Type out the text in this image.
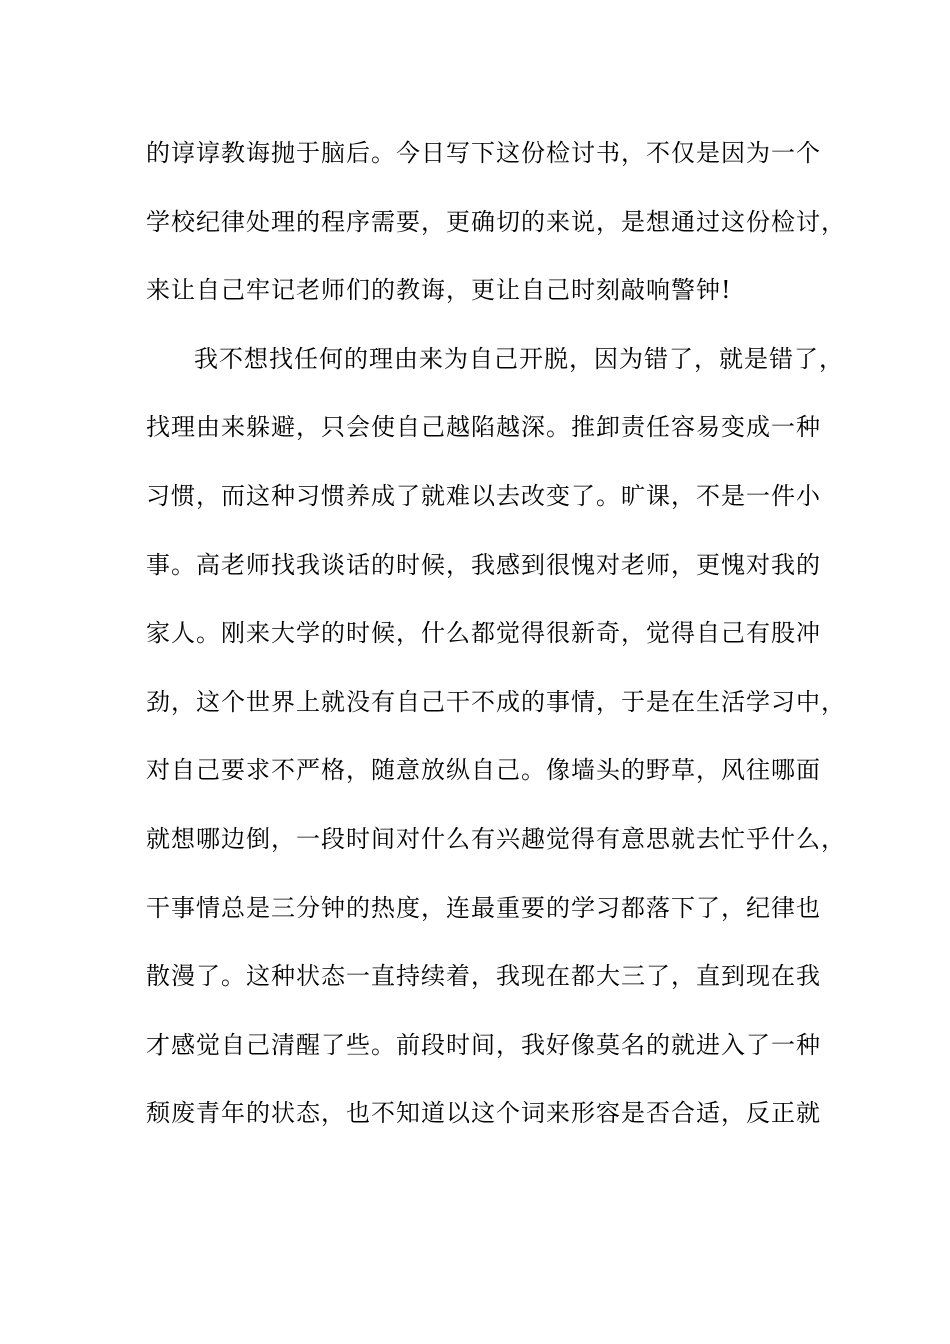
的谆谆教诲抛于脑后。今日写下这份检讨书，不仅是因为一个
学校纪律处理的程序需要，更确切的来说，是想通过这份检讨，
来让自己牢记老师们的教诲，更让自己时刻敲响警钟!
我不想找任何的理由来为自己开脱，因为错了，就是错了，
找理由来躲避，只会使自己越陷越深。推卸责任容易变成一种
习惯，而这种习惯养成了就难以去改变了。旷课，不是一件小
事。高老师找我谈话的时候，我感到很愧对老师，更愧对我的
家人。刚来大学的时候，什么都觉得很新奇，觉得自己有股冲
劲，这个世界上就没有自己干不成的事情，于是在生活学习中，
对自己要求不严格，随意放纵自己。像墙头的野草，风往哪面
就想哪边倒，一段时间对什么有兴趣觉得有意思就去忙乎什么，
干事情总是三分钟的热度，连最重要的学习都落下了，纪律也
散漫了。这种状态一直持续着，我现在都大三了，直到现在我
才感觉自己清醒了些。前段时间，我好像莫名的就进入了一种
颓废青年的状态，也不知道以这个词来形容是否合适，反正就
